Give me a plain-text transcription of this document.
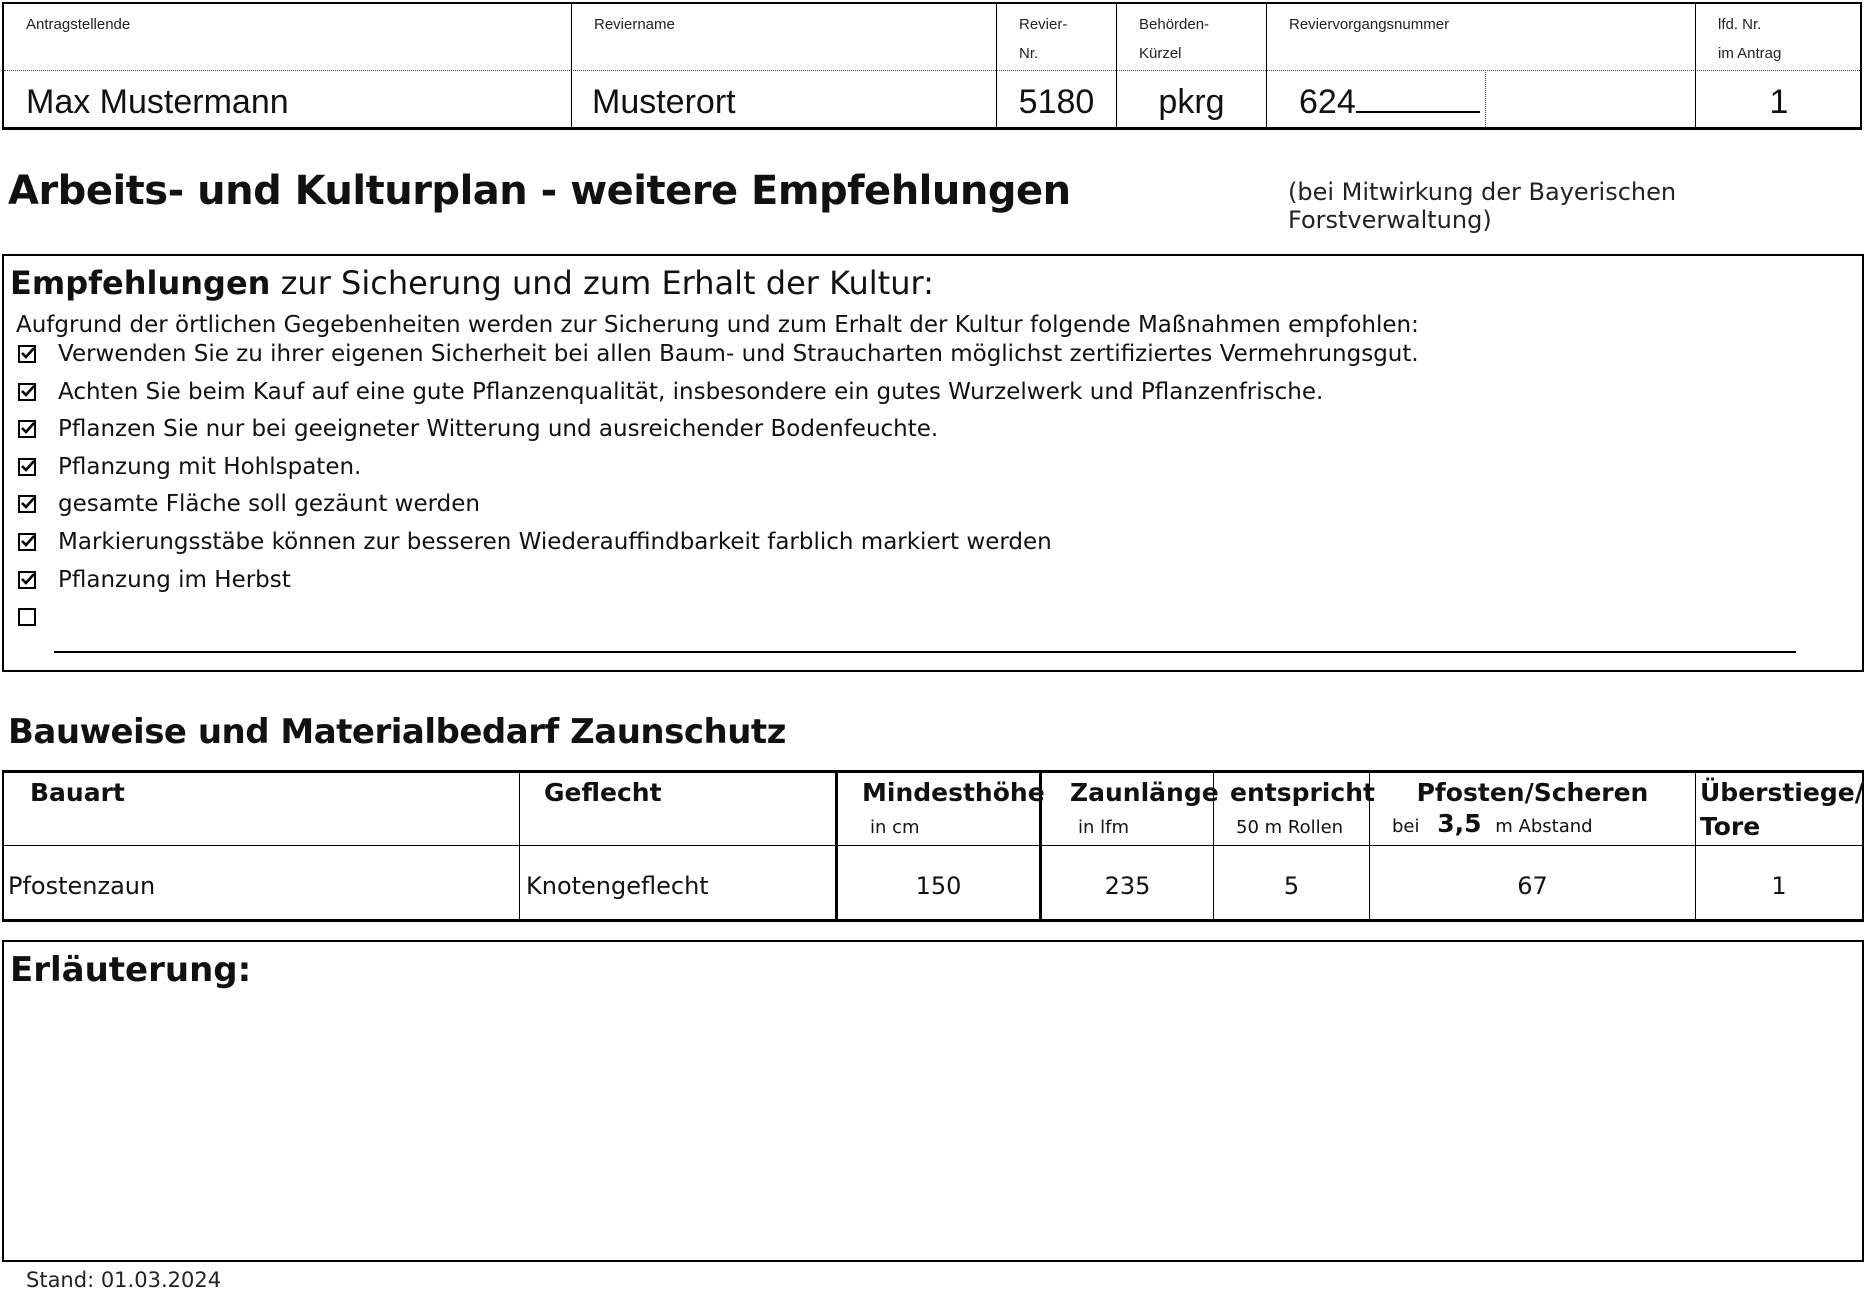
Antragstellende
Max Mustermann
Reviername
Musterort
Revier-
Nr.
5180
Behörden-
Kürzel
pkrg
Reviervorgangsnummer
624
lfd. Nr.
im Antrag
1
Arbeits- und Kulturplan - weitere Empfehlungen	(bei Mitwirkung der Bayerischen Forstverwaltung)
Empfehlungen zur Sicherung und zum Erhalt der Kultur:
Aufgrund der örtlichen Gegebenheiten werden zur Sicherung und zum Erhalt der Kultur folgende Maßnahmen empfohlen:
Verwenden Sie zu ihrer eigenen Sicherheit bei allen Baum- und Straucharten möglichst zertifiziertes Vermehrungsgut.
Achten Sie beim Kauf auf eine gute Pflanzenqualität, insbesondere ein gutes Wurzelwerk und Pflanzenfrische.
Pflanzen Sie nur bei geeigneter Witterung und ausreichender Bodenfeuchte.
Pflanzung mit Hohlspaten.
gesamte Fläche soll gezäunt werden
Markierungsstäbe können zur besseren Wiederauffindbarkeit farblich markiert werden
Pflanzung im Herbst
Bauweise und Materialbedarf Zaunschutz
Bauart
Pfostenzaun
Geflecht
Knotengeflecht
Mindesthöhe
in cm
150
Zaunlänge
in lfm
235
entspricht
50 m Rollen
5
Pfosten/Scheren
bei 3,5 m Abstand
67
Überstiege/
Tore
1
Erläuterung:
Stand: 01.03.2024
